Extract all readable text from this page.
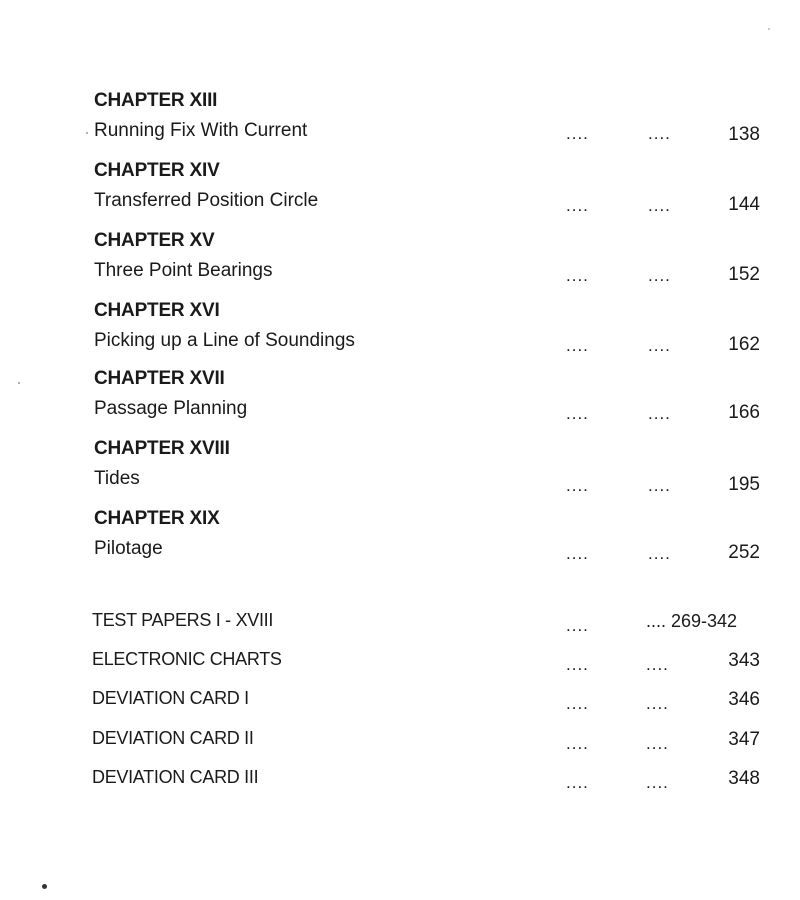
CHAPTER XIII
Running Fix With Current	....	....	138
CHAPTER XIV
Transferred Position Circle	....	....	144
CHAPTER XV
Three Point Bearings	....	....	152
CHAPTER XVI
Picking up a Line of Soundings	....	....	162
CHAPTER XVII
Passage Planning	....	....	166
CHAPTER XVIII
Tides	....	....	195
CHAPTER XIX
Pilotage	....	....	252
TEST PAPERS I - XVIII	....	.... 269-342
ELECTRONIC CHARTS	....	....	343
DEVIATION CARD I	....	....	346
DEVIATION CARD II	....	....	347
DEVIATION CARD III	....	....	348
